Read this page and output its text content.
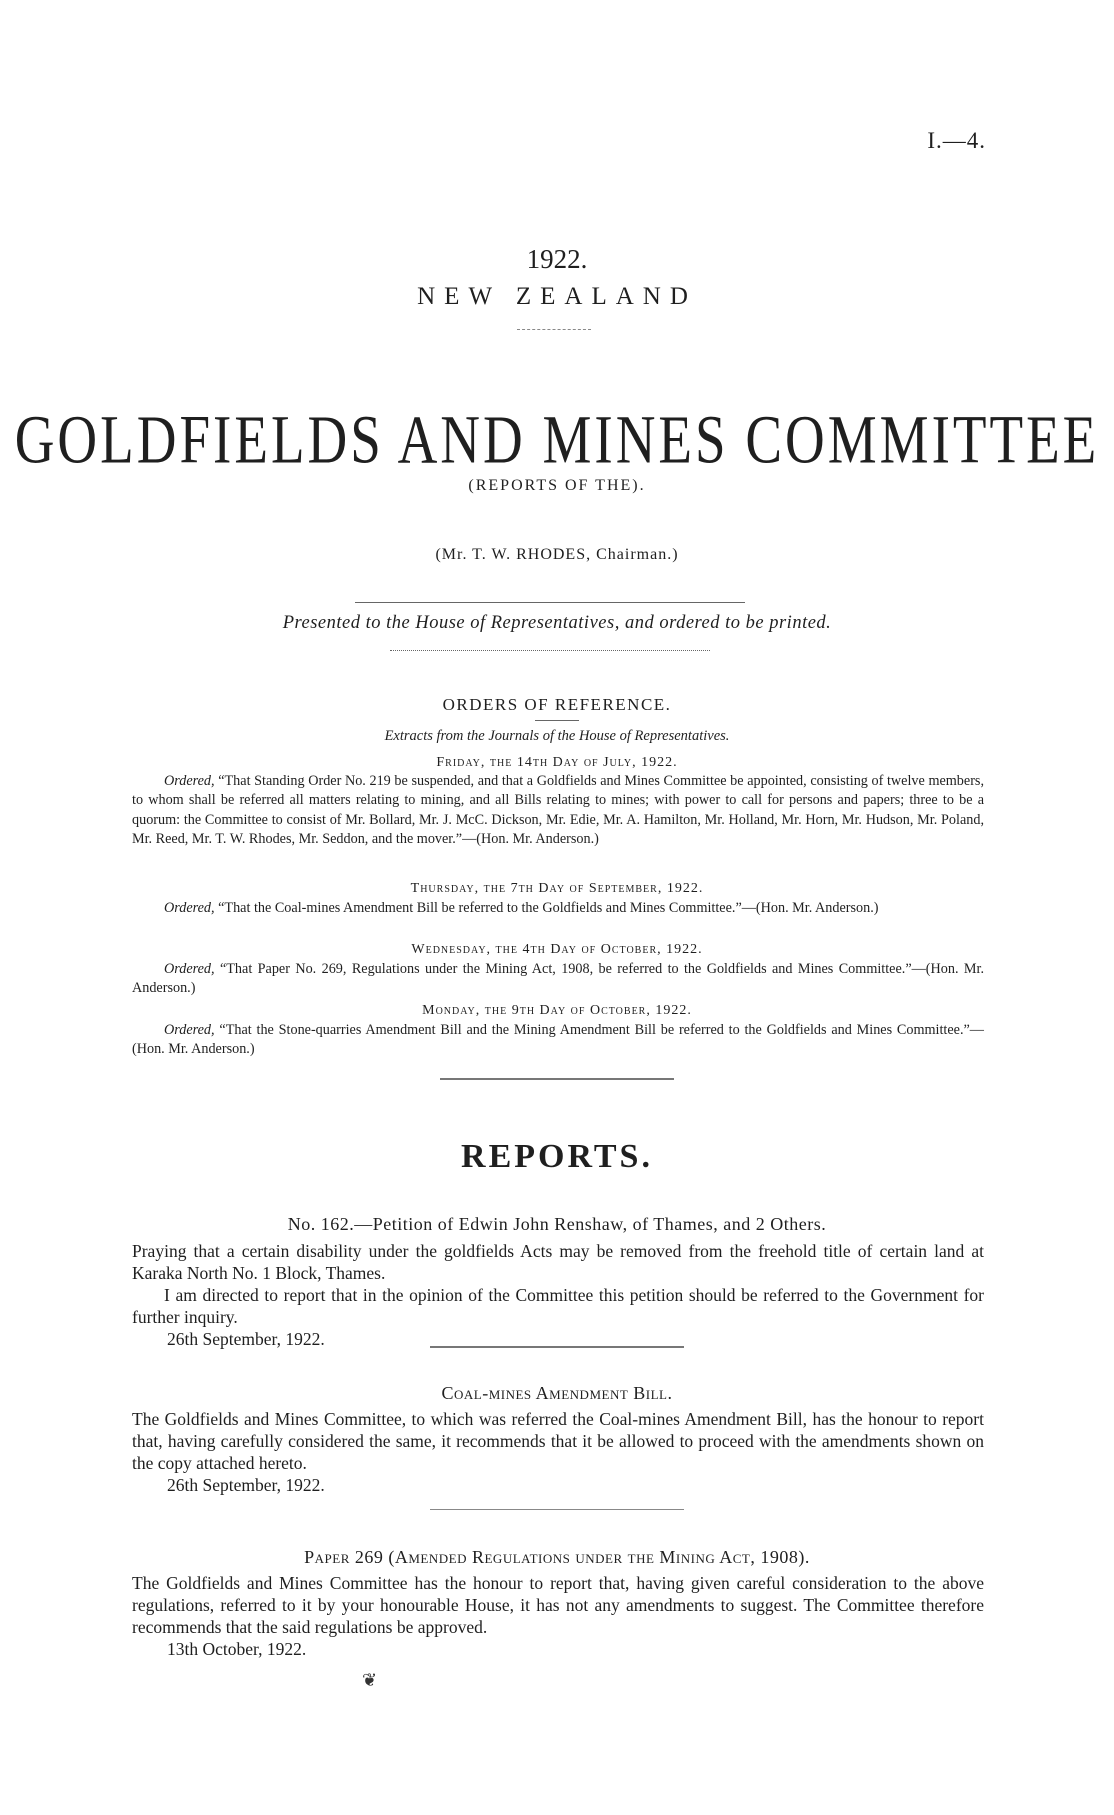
I.—4.
1922.
NEW ZEALAND
GOLDFIELDS AND MINES COMMITTEE
(REPORTS OF THE).
(Mr. T. W. RHODES, Chairman.)
Presented to the House of Representatives, and ordered to be printed.
ORDERS OF REFERENCE.
Extracts from the Journals of the House of Representatives.
Friday, the 14th Day of July, 1922.
Ordered, “That Standing Order No. 219 be suspended, and that a Goldfields and Mines Committee be appointed, consisting of twelve members, to whom shall be referred all matters relating to mining, and all Bills relating to mines; with power to call for persons and papers; three to be a quorum: the Committee to consist of Mr. Bollard, Mr. J. McC. Dickson, Mr. Edie, Mr. A. Hamilton, Mr. Holland, Mr. Horn, Mr. Hudson, Mr. Poland, Mr. Reed, Mr. T. W. Rhodes, Mr. Seddon, and the mover.”—(Hon. Mr. Anderson.)
Thursday, the 7th Day of September, 1922.
Ordered, “That the Coal-mines Amendment Bill be referred to the Goldfields and Mines Committee.”—(Hon. Mr. Anderson.)
Wednesday, the 4th Day of October, 1922.
Ordered, “That Paper No. 269, Regulations under the Mining Act, 1908, be referred to the Goldfields and Mines Committee.”—(Hon. Mr. Anderson.)
Monday, the 9th Day of October, 1922.
Ordered, “That the Stone-quarries Amendment Bill and the Mining Amendment Bill be referred to the Goldfields and Mines Committee.”—(Hon. Mr. Anderson.)
REPORTS.
No. 162.—Petition of Edwin John Renshaw, of Thames, and 2 Others.
Praying that a certain disability under the goldfields Acts may be removed from the freehold title of certain land at Karaka North No. 1 Block, Thames.
I am directed to report that in the opinion of the Committee this petition should be referred to the Government for further inquiry.
26th September, 1922.
Coal-mines Amendment Bill.
The Goldfields and Mines Committee, to which was referred the Coal-mines Amendment Bill, has the honour to report that, having carefully considered the same, it recommends that it be allowed to proceed with the amendments shown on the copy attached hereto.
26th September, 1922.
Paper 269 (Amended Regulations under the Mining Act, 1908).
The Goldfields and Mines Committee has the honour to report that, having given careful consideration to the above regulations, referred to it by your honourable House, it has not any amendments to suggest. The Committee therefore recommends that the said regulations be approved.
13th October, 1922.
❦
